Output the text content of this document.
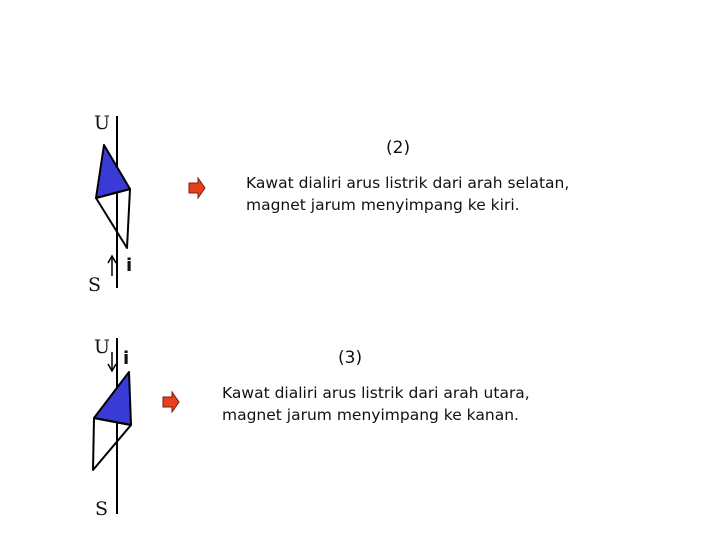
U
S
i
(2)
Kawat dialiri arus listrik dari arah selatan,
magnet jarum menyimpang ke kiri.
U
S
i	(3)
Kawat dialiri arus listrik dari arah utara,
magnet jarum menyimpang ke kanan.
